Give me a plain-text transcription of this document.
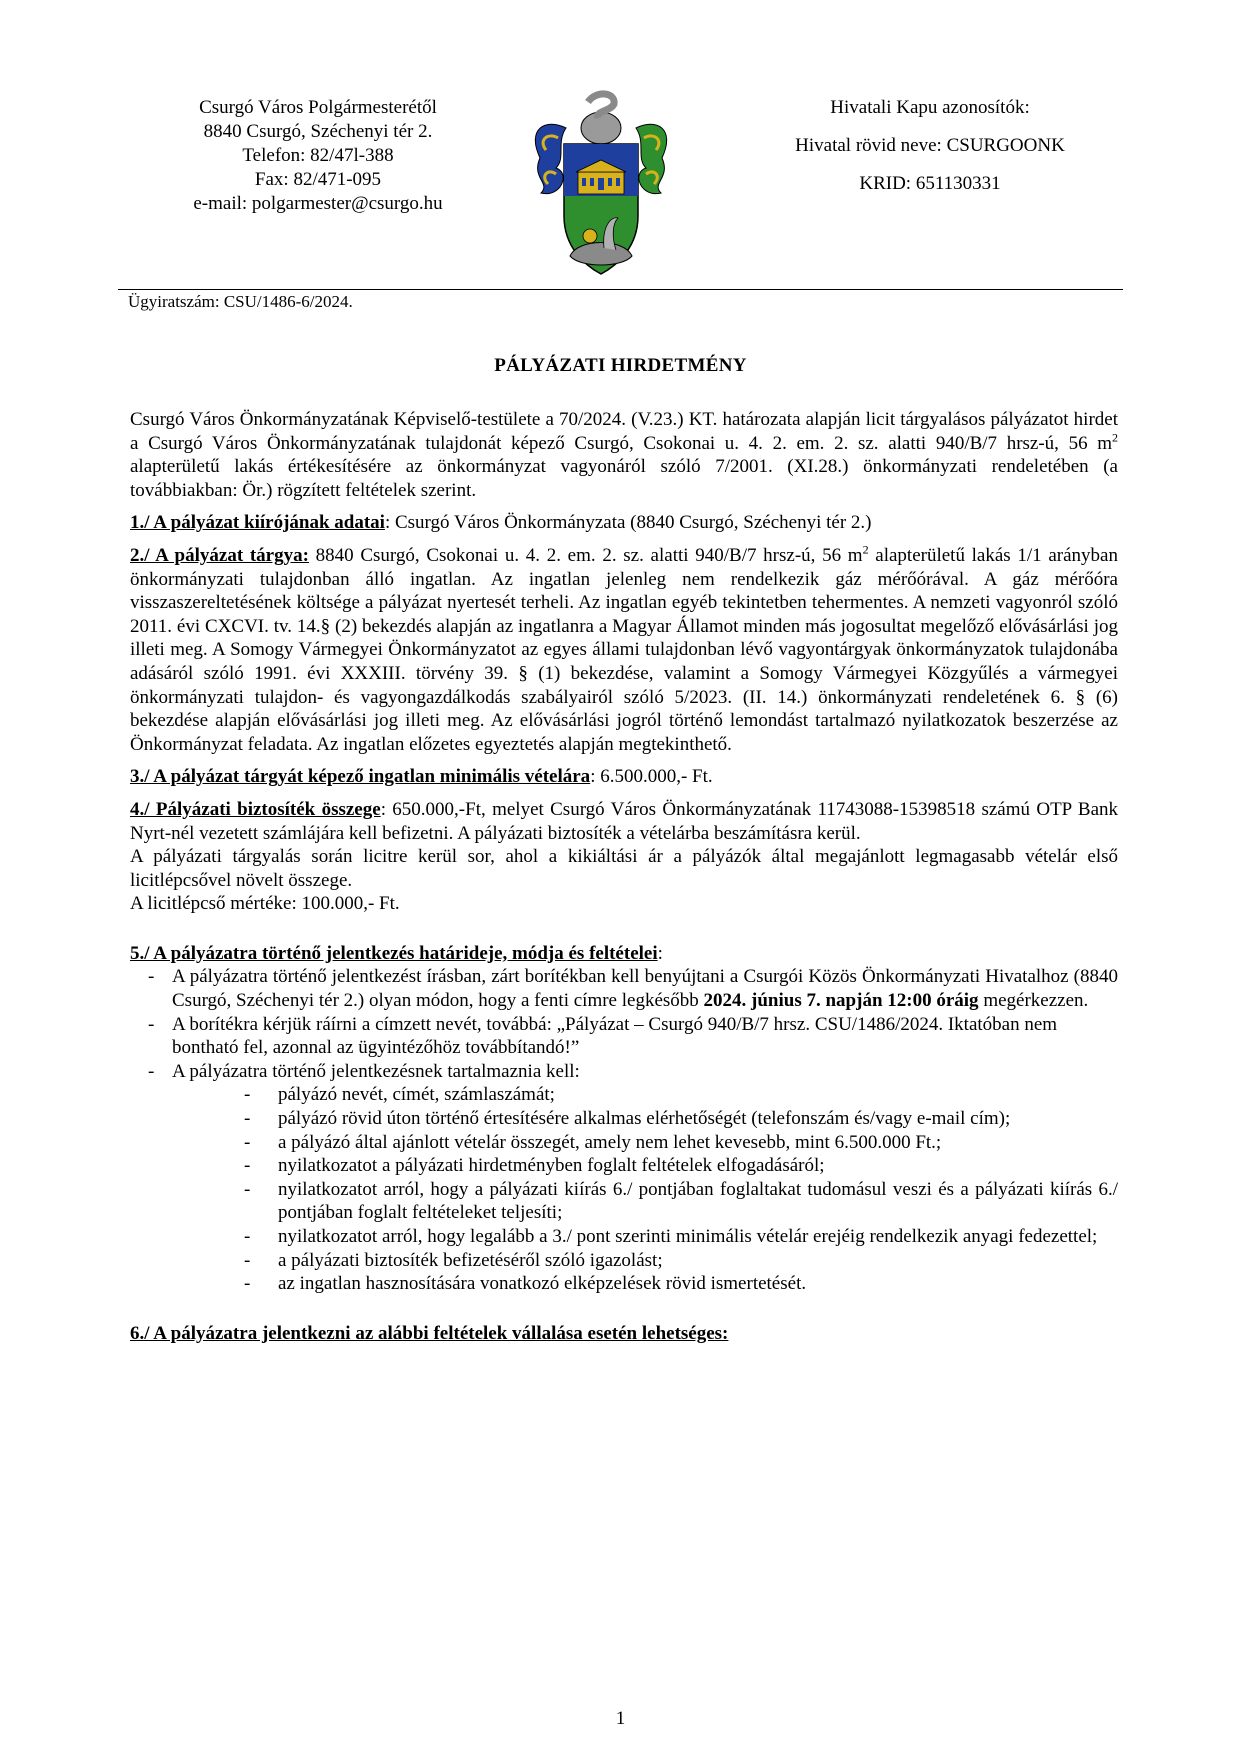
Csurgó Város Polgármesterétől
8840 Csurgó, Széchenyi tér 2.
Telefon: 82/47l-388
Fax: 82/471-095
e-mail: polgarmester@csurgo.hu
Hivatali Kapu azonosítók:
Hivatal rövid neve: CSURGOONK
KRID: 651130331
Ügyiratszám: CSU/1486-6/2024.
PÁLYÁZATI HIRDETMÉNY

Csurgó Város Önkormányzatának Képviselő-testülete a 70/2024. (V.23.) KT. határozata alapján licit tárgyalásos pályázatot hirdet a Csurgó Város Önkormányzatának tulajdonát képező Csurgó, Csokonai u. 4. 2. em. 2. sz. alatti 940/B/7 hrsz-ú, 56 $m^2$ alapterületű lakás értékesítésére az önkormányzat vagyonáról szóló 7/2001. (XI.28.) önkormányzati rendeletében (a továbbiakban: Ör.) rögzített feltételek szerint.

1./ A pályázat kiírójának adatai: Csurgó Város Önkormányzata (8840 Csurgó, Széchenyi tér 2.)

2./ A pályázat tárgya: 8840 Csurgó, Csokonai u. 4. 2. em. 2. sz. alatti 940/B/7 hrsz-ú, 56 $m^2$ alapterületű lakás 1/1 arányban önkormányzati tulajdonban álló ingatlan. Az ingatlan jelenleg nem rendelkezik gáz mérőórával. A gáz mérőóra visszaszereltetésének költsége a pályázat nyertesét terheli. Az ingatlan egyéb tekintetben tehermentes. A nemzeti vagyonról szóló 2011. évi CXCVI. tv. 14.§ (2) bekezdés alapján az ingatlanra a Magyar Államot minden más jogosultat megelőző elővásárlási jog illeti meg. A Somogy Vármegyei Önkormányzatot az egyes állami tulajdonban lévő vagyontárgyak önkormányzatok tulajdonába adásáról szóló 1991. évi XXXIII. törvény 39. § (1) bekezdése, valamint a Somogy Vármegyei Közgyűlés a vármegyei önkormányzati tulajdon- és vagyongazdálkodás szabályairól szóló 5/2023. (II. 14.) önkormányzati rendeletének 6. § (6) bekezdése alapján elővásárlási jog illeti meg. Az elővásárlási jogról történő lemondást tartalmazó nyilatkozatok beszerzése az Önkormányzat feladata. Az ingatlan előzetes egyeztetés alapján megtekinthető.

3./ A pályázat tárgyát képező ingatlan minimális vételára: 6.500.000,- Ft.

4./ Pályázati biztosíték összege: 650.000,-Ft, melyet Csurgó Város Önkormányzatának 11743088-15398518 számú OTP Bank Nyrt-nél vezetett számlájára kell befizetni. A pályázati biztosíték a vételárba beszámításra kerül.
A pályázati tárgyalás során licitre kerül sor, ahol a kikiáltási ár a pályázók által megajánlott legmagasabb vételár első licitlépcsővel növelt összege.
A licitlépcső mértéke: 100.000,- Ft.

5./ A pályázatra történő jelentkezés határideje, módja és feltételei:
- A pályázatra történő jelentkezést írásban, zárt borítékban kell benyújtani a Csurgói Közös Önkormányzati Hivatalhoz (8840 Csurgó, Széchenyi tér 2.) olyan módon, hogy a fenti címre legkésőbb 2024. június 7. napján 12:00 óráig megérkezzen.
- A borítékra kérjük ráírni a címzett nevét, továbbá: „Pályázat – Csurgó 940/B/7 hrsz. CSU/1486/2024. Iktatóban nem bontható fel, azonnal az ügyintézőhöz továbbítandó!”
- A pályázatra történő jelentkezésnek tartalmaznia kell:
- pályázó nevét, címét, számlaszámát;
- pályázó rövid úton történő értesítésére alkalmas elérhetőségét (telefonszám és/vagy e-mail cím);
- a pályázó által ajánlott vételár összegét, amely nem lehet kevesebb, mint 6.500.000 Ft.;
- nyilatkozatot a pályázati hirdetményben foglalt feltételek elfogadásáról;
- nyilatkozatot arról, hogy a pályázati kiírás 6./ pontjában foglaltakat tudomásul veszi és a pályázati kiírás 6./ pontjában foglalt feltételeket teljesíti;
- nyilatkozatot arról, hogy legalább a 3./ pont szerinti minimális vételár erejéig rendelkezik anyagi fedezettel;
- a pályázati biztosíték befizetéséről szóló igazolást;
- az ingatlan hasznosítására vonatkozó elképzelések rövid ismertetését.

6./ A pályázatra jelentkezni az alábbi feltételek vállalása esetén lehetséges:

1
